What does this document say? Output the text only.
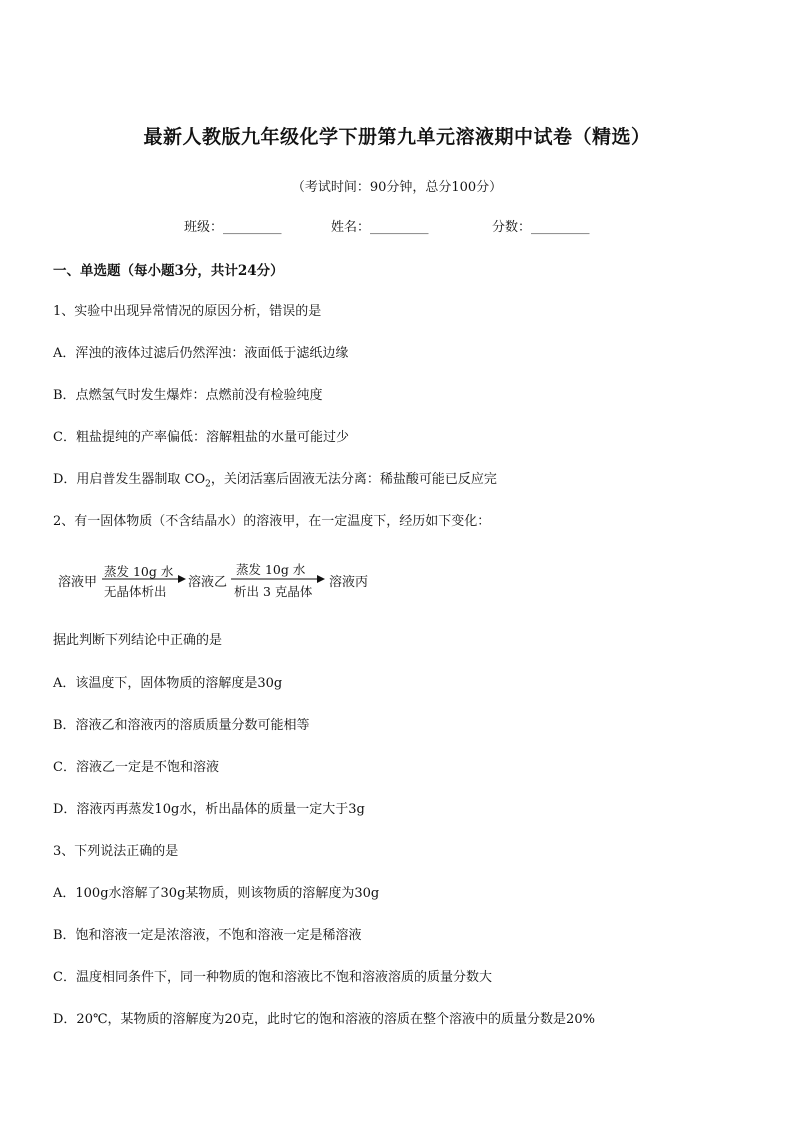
最新人教版九年级化学下册第九单元溶液期中试卷（精选）
（考试时间：90分钟，总分100分）
班级：_________	姓名：_________	分数：_________
一、单选题（每小题3分，共计24分）
1、实验中出现异常情况的原因分析，错误的是
A．浑浊的液体过滤后仍然浑浊：液面低于滤纸边缘
B．点燃氢气时发生爆炸：点燃前没有检验纯度
C．粗盐提纯的产率偏低：溶解粗盐的水量可能过少
D．用启普发生器制取 $CO_2$，关闭活塞后固液无法分离：稀盐酸可能已反应完
2、有一固体物质（不含结晶水）的溶液甲，在一定温度下，经历如下变化：
溶液甲
蒸发 10g 水
无晶体析出
溶液乙
蒸发 10g 水
析出 3 克晶体
溶液丙
据此判断下列结论中正确的是
A．该温度下，固体物质的溶解度是30g
B．溶液乙和溶液丙的溶质质量分数可能相等
C．溶液乙一定是不饱和溶液
D．溶液丙再蒸发10g水，析出晶体的质量一定大于3g
3、下列说法正确的是
A．100g水溶解了30g某物质，则该物质的溶解度为30g
B．饱和溶液一定是浓溶液，不饱和溶液一定是稀溶液
C．温度相同条件下，同一种物质的饱和溶液比不饱和溶液溶质的质量分数大
D．20℃，某物质的溶解度为20克，此时它的饱和溶液的溶质在整个溶液中的质量分数是20%
